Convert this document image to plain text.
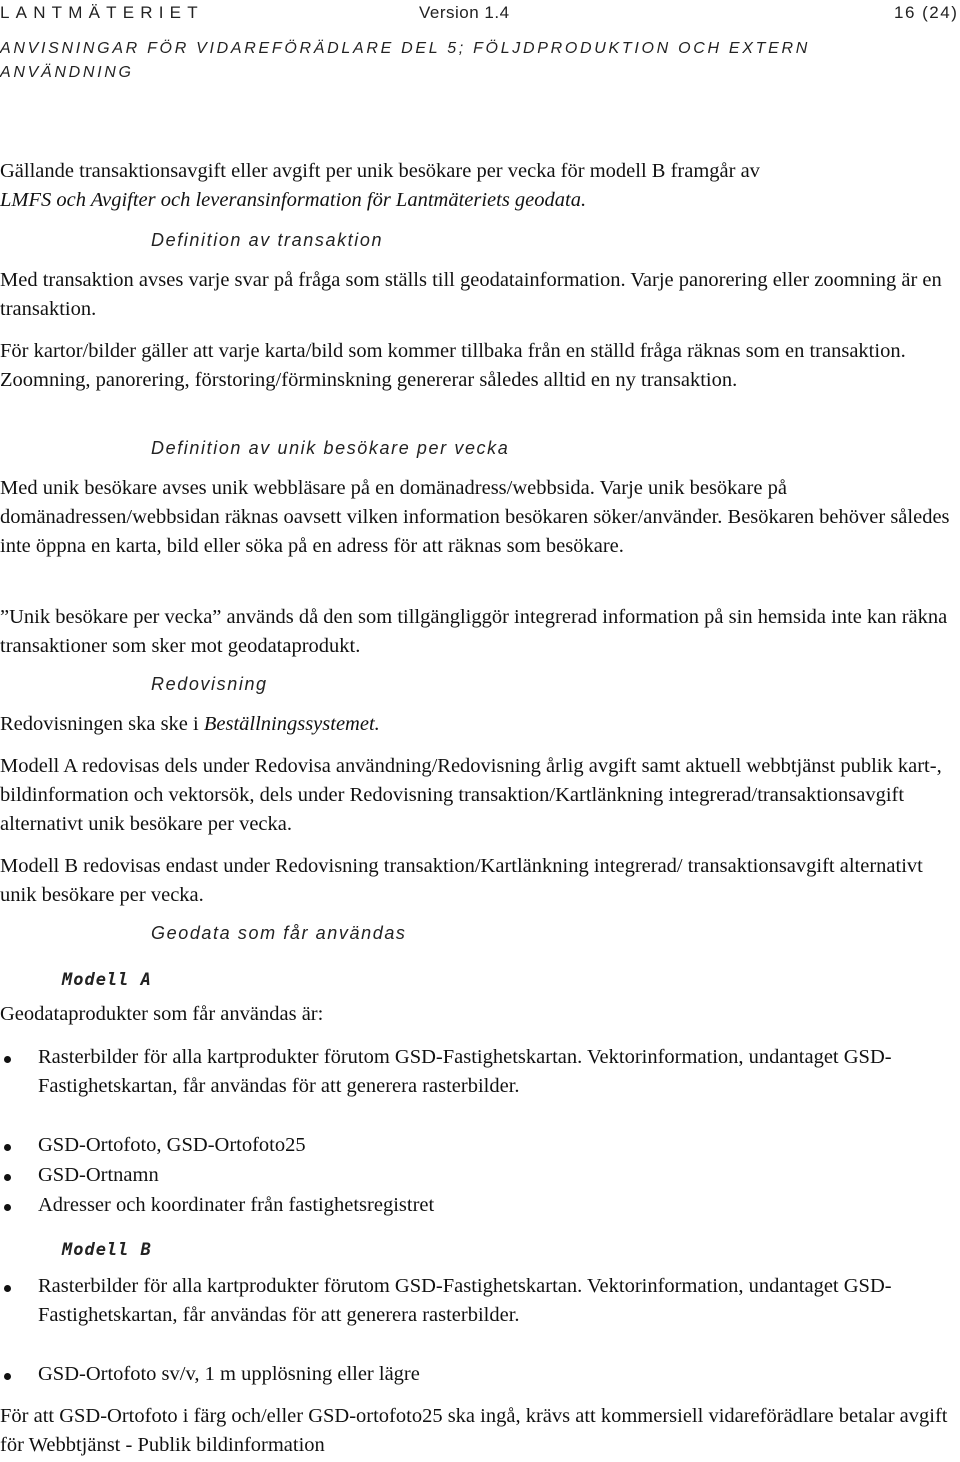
LANTMÄTERIET	Version 1.4	16 (24)
ANVISNINGAR FÖR VIDAREFÖRÄDLARE DEL 5; FÖLJDPRODUKTION OCH EXTERN
ANVÄNDNING

Gällande transaktionsavgift eller avgift per unik besökare per vecka för modell B framgår av

LMFS och Avgifter och leveransinformation för Lantmäteriets geodata.

Definition av transaktion

Med transaktion avses varje svar på fråga som ställs till geodatainformation. Varje panorering eller zoomning är en transaktion.

För kartor/bilder gäller att varje karta/bild som kommer tillbaka från en ställd fråga räknas som en transaktion. Zoomning, panorering, förstoring/förminskning genererar således alltid en ny transaktion.

Definition av unik besökare per vecka

Med unik besökare avses unik webbläsare på en domänadress/webbsida. Varje unik besökare på domänadressen/webbsidan räknas oavsett vilken information besökaren söker/använder. Besökaren behöver således inte öppna en karta, bild eller söka på en adress för att räknas som besökare.

”Unik besökare per vecka” används då den som tillgängliggör integrerad information på sin hemsida inte kan räkna transaktioner som sker mot geodataprodukt.

Redovisning

Redovisningen ska ske i Beställningssystemet.

Modell A redovisas dels under Redovisa användning/Redovisning årlig avgift samt aktuell webbtjänst publik kart-, bildinformation och vektorsök, dels under Redovisning transaktion/Kartlänkning integrerad/transaktionsavgift alternativt unik besökare per vecka.

Modell B redovisas endast under Redovisning transaktion/Kartlänkning integrerad/ transaktionsavgift alternativt unik besökare per vecka.

Geodata som får användas
Modell A

Geodataprodukter som får användas är:

Rasterbilder för alla kartprodukter förutom GSD-Fastighetskartan. Vektorinformation, undantaget GSD-Fastighetskartan, får användas för att generera rasterbilder.
GSD-Ortofoto, GSD-Ortofoto25
GSD-Ortnamn
Adresser och koordinater från fastighetsregistret
Modell B
Rasterbilder för alla kartprodukter förutom GSD-Fastighetskartan. Vektorinformation, undantaget GSD-Fastighetskartan, får användas för att generera rasterbilder.
GSD-Ortofoto sv/v, 1 m upplösning eller lägre

För att GSD-Ortofoto i färg och/eller GSD-ortofoto25 ska ingå, krävs att kommersiell vidareförädlare betalar avgift för Webbtjänst - Publik bildinformation
